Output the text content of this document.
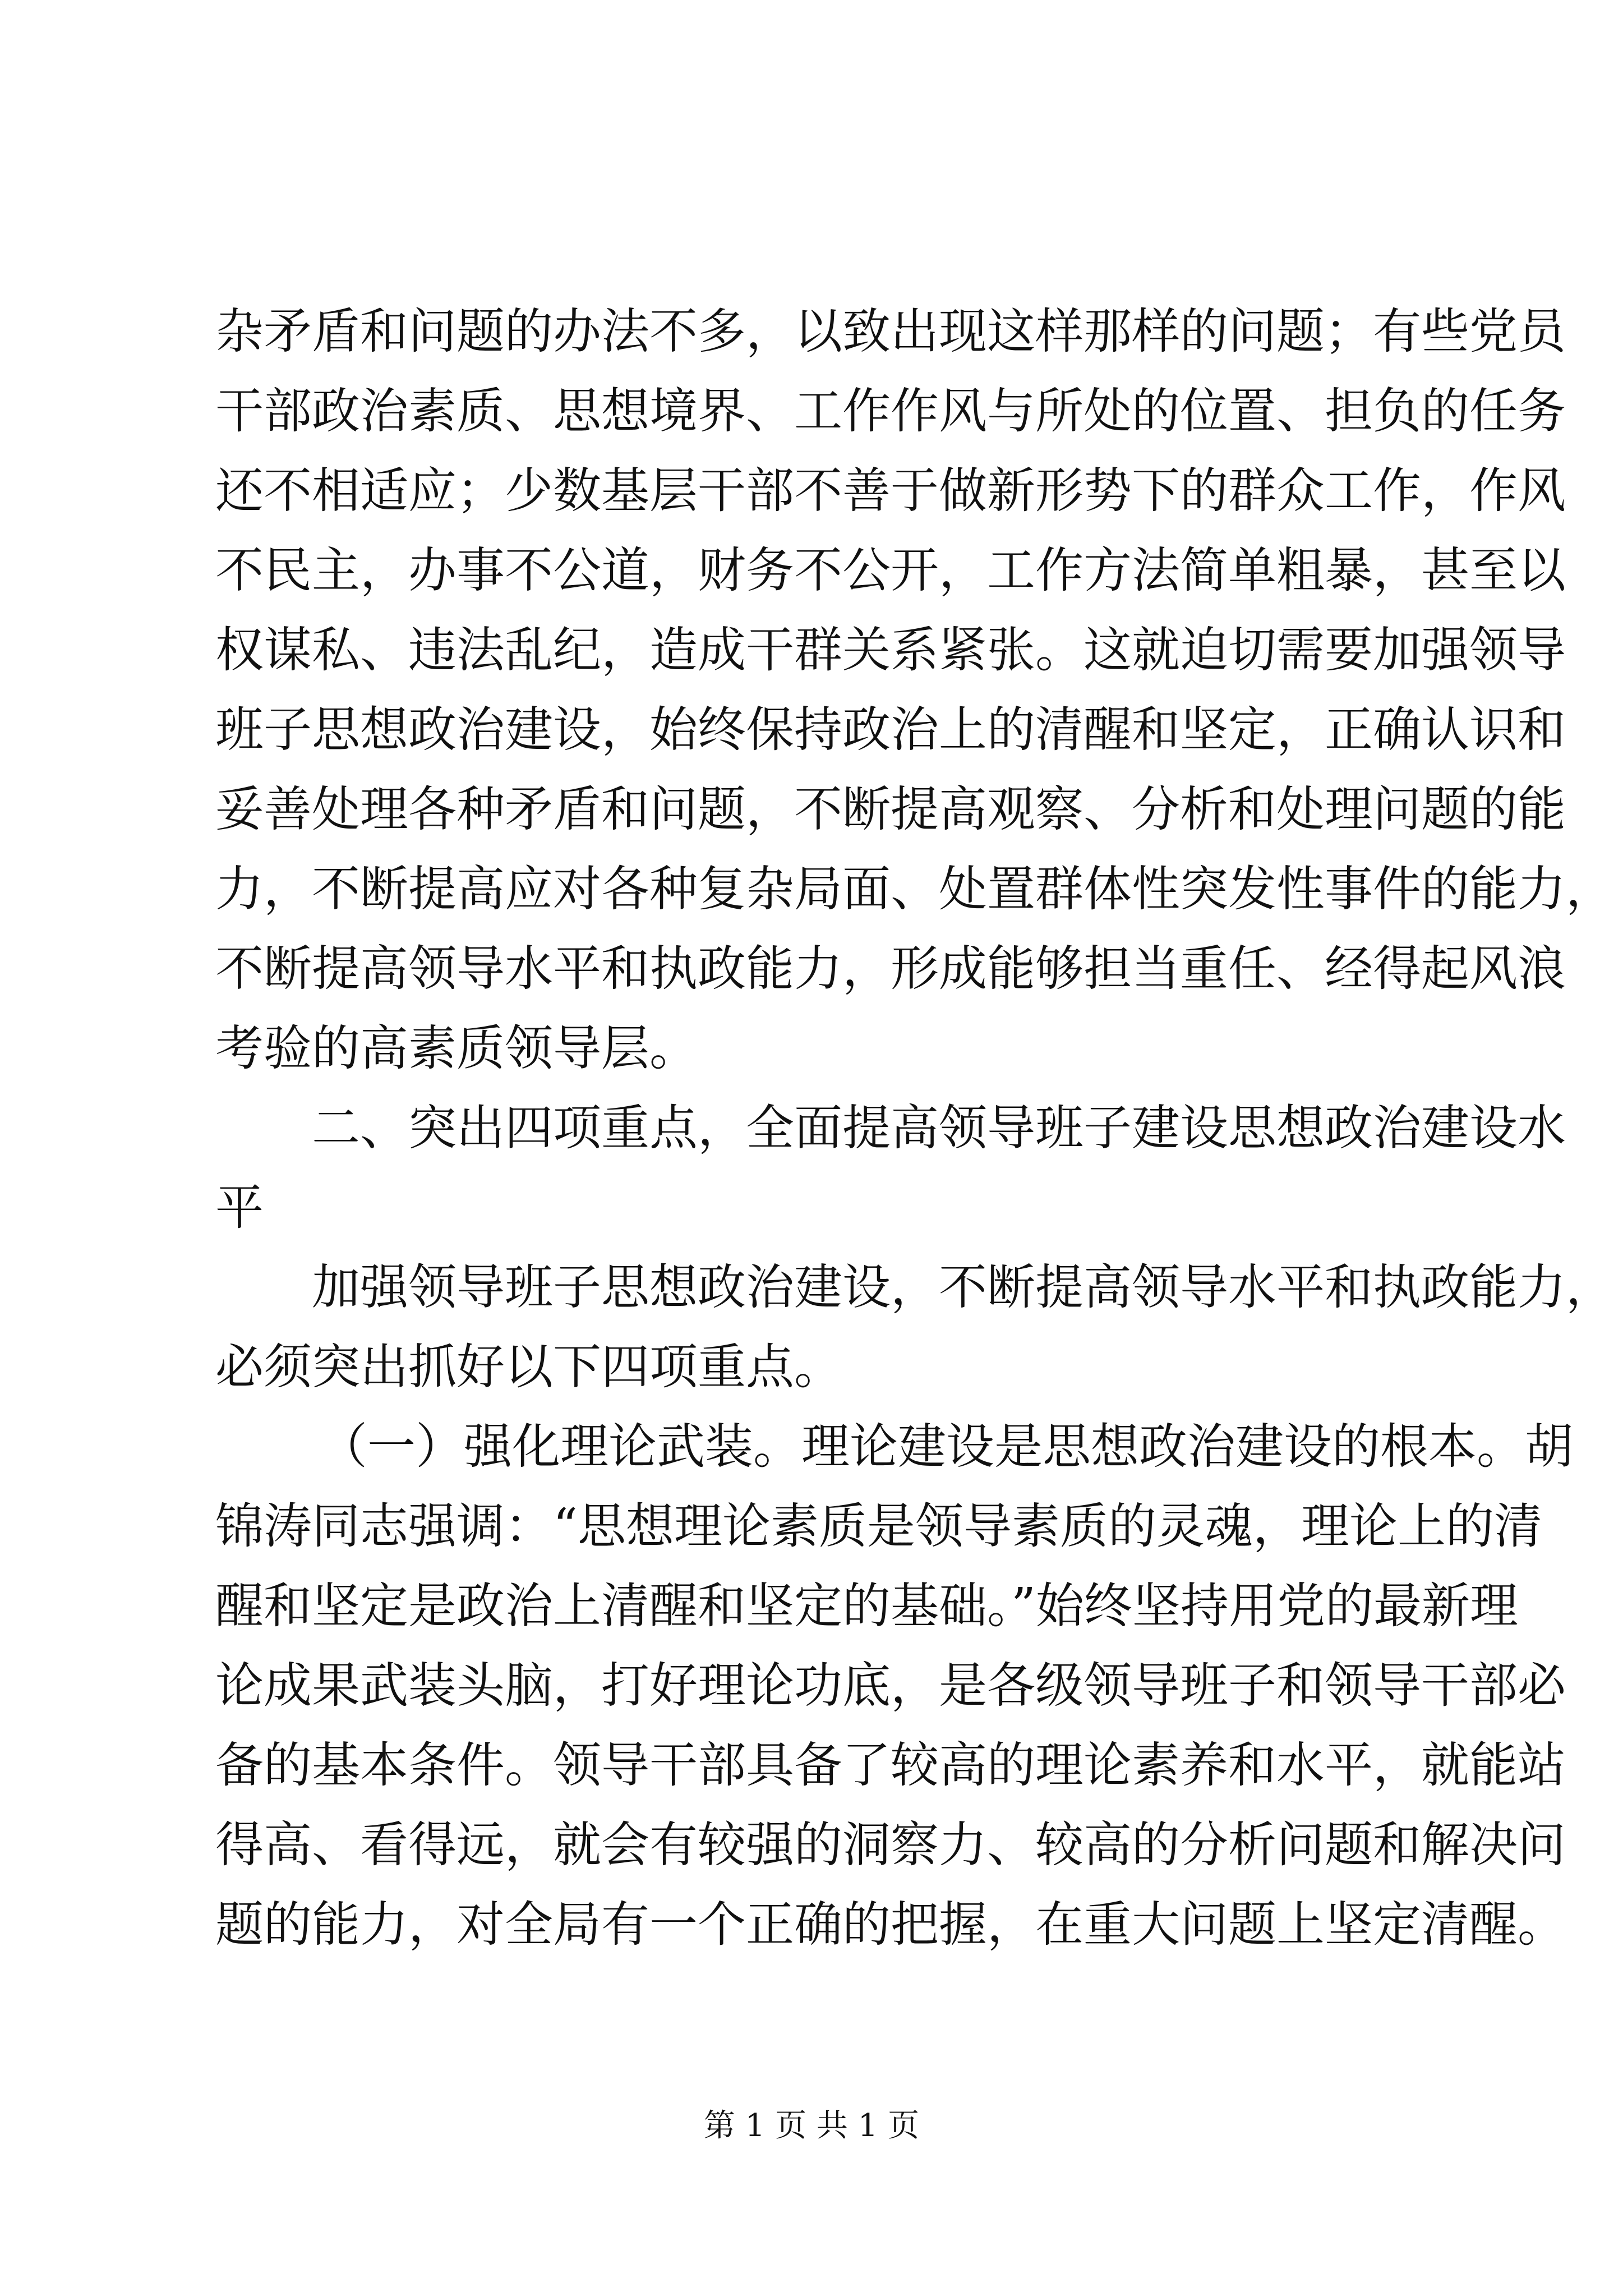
杂矛盾和问题的办法不多，以致出现这样那样的问题；有些党员
干部政治素质、思想境界、工作作风与所处的位置、担负的任务
还不相适应；少数基层干部不善于做新形势下的群众工作，作风
不民主，办事不公道，财务不公开，工作方法简单粗暴，甚至以
权谋私、违法乱纪，造成干群关系紧张。这就迫切需要加强领导
班子思想政治建设，始终保持政治上的清醒和坚定，正确认识和
妥善处理各种矛盾和问题，不断提高观察、分析和处理问题的能
力，不断提高应对各种复杂局面、处置群体性突发性事件的能力，
不断提高领导水平和执政能力，形成能够担当重任、经得起风浪
考验的高素质领导层。
二、突出四项重点，全面提高领导班子建设思想政治建设水
平
加强领导班子思想政治建设，不断提高领导水平和执政能力，
必须突出抓好以下四项重点。
（一）强化理论武装。理论建设是思想政治建设的根本。胡
锦涛同志强调：“思想理论素质是领导素质的灵魂，理论上的清
醒和坚定是政治上清醒和坚定的基础。”始终坚持用党的最新理
论成果武装头脑，打好理论功底，是各级领导班子和领导干部必
备的基本条件。领导干部具备了较高的理论素养和水平，就能站
得高、看得远，就会有较强的洞察力、较高的分析问题和解决问
题的能力，对全局有一个正确的把握，在重大问题上坚定清醒。
第 1 页 共 1 页
